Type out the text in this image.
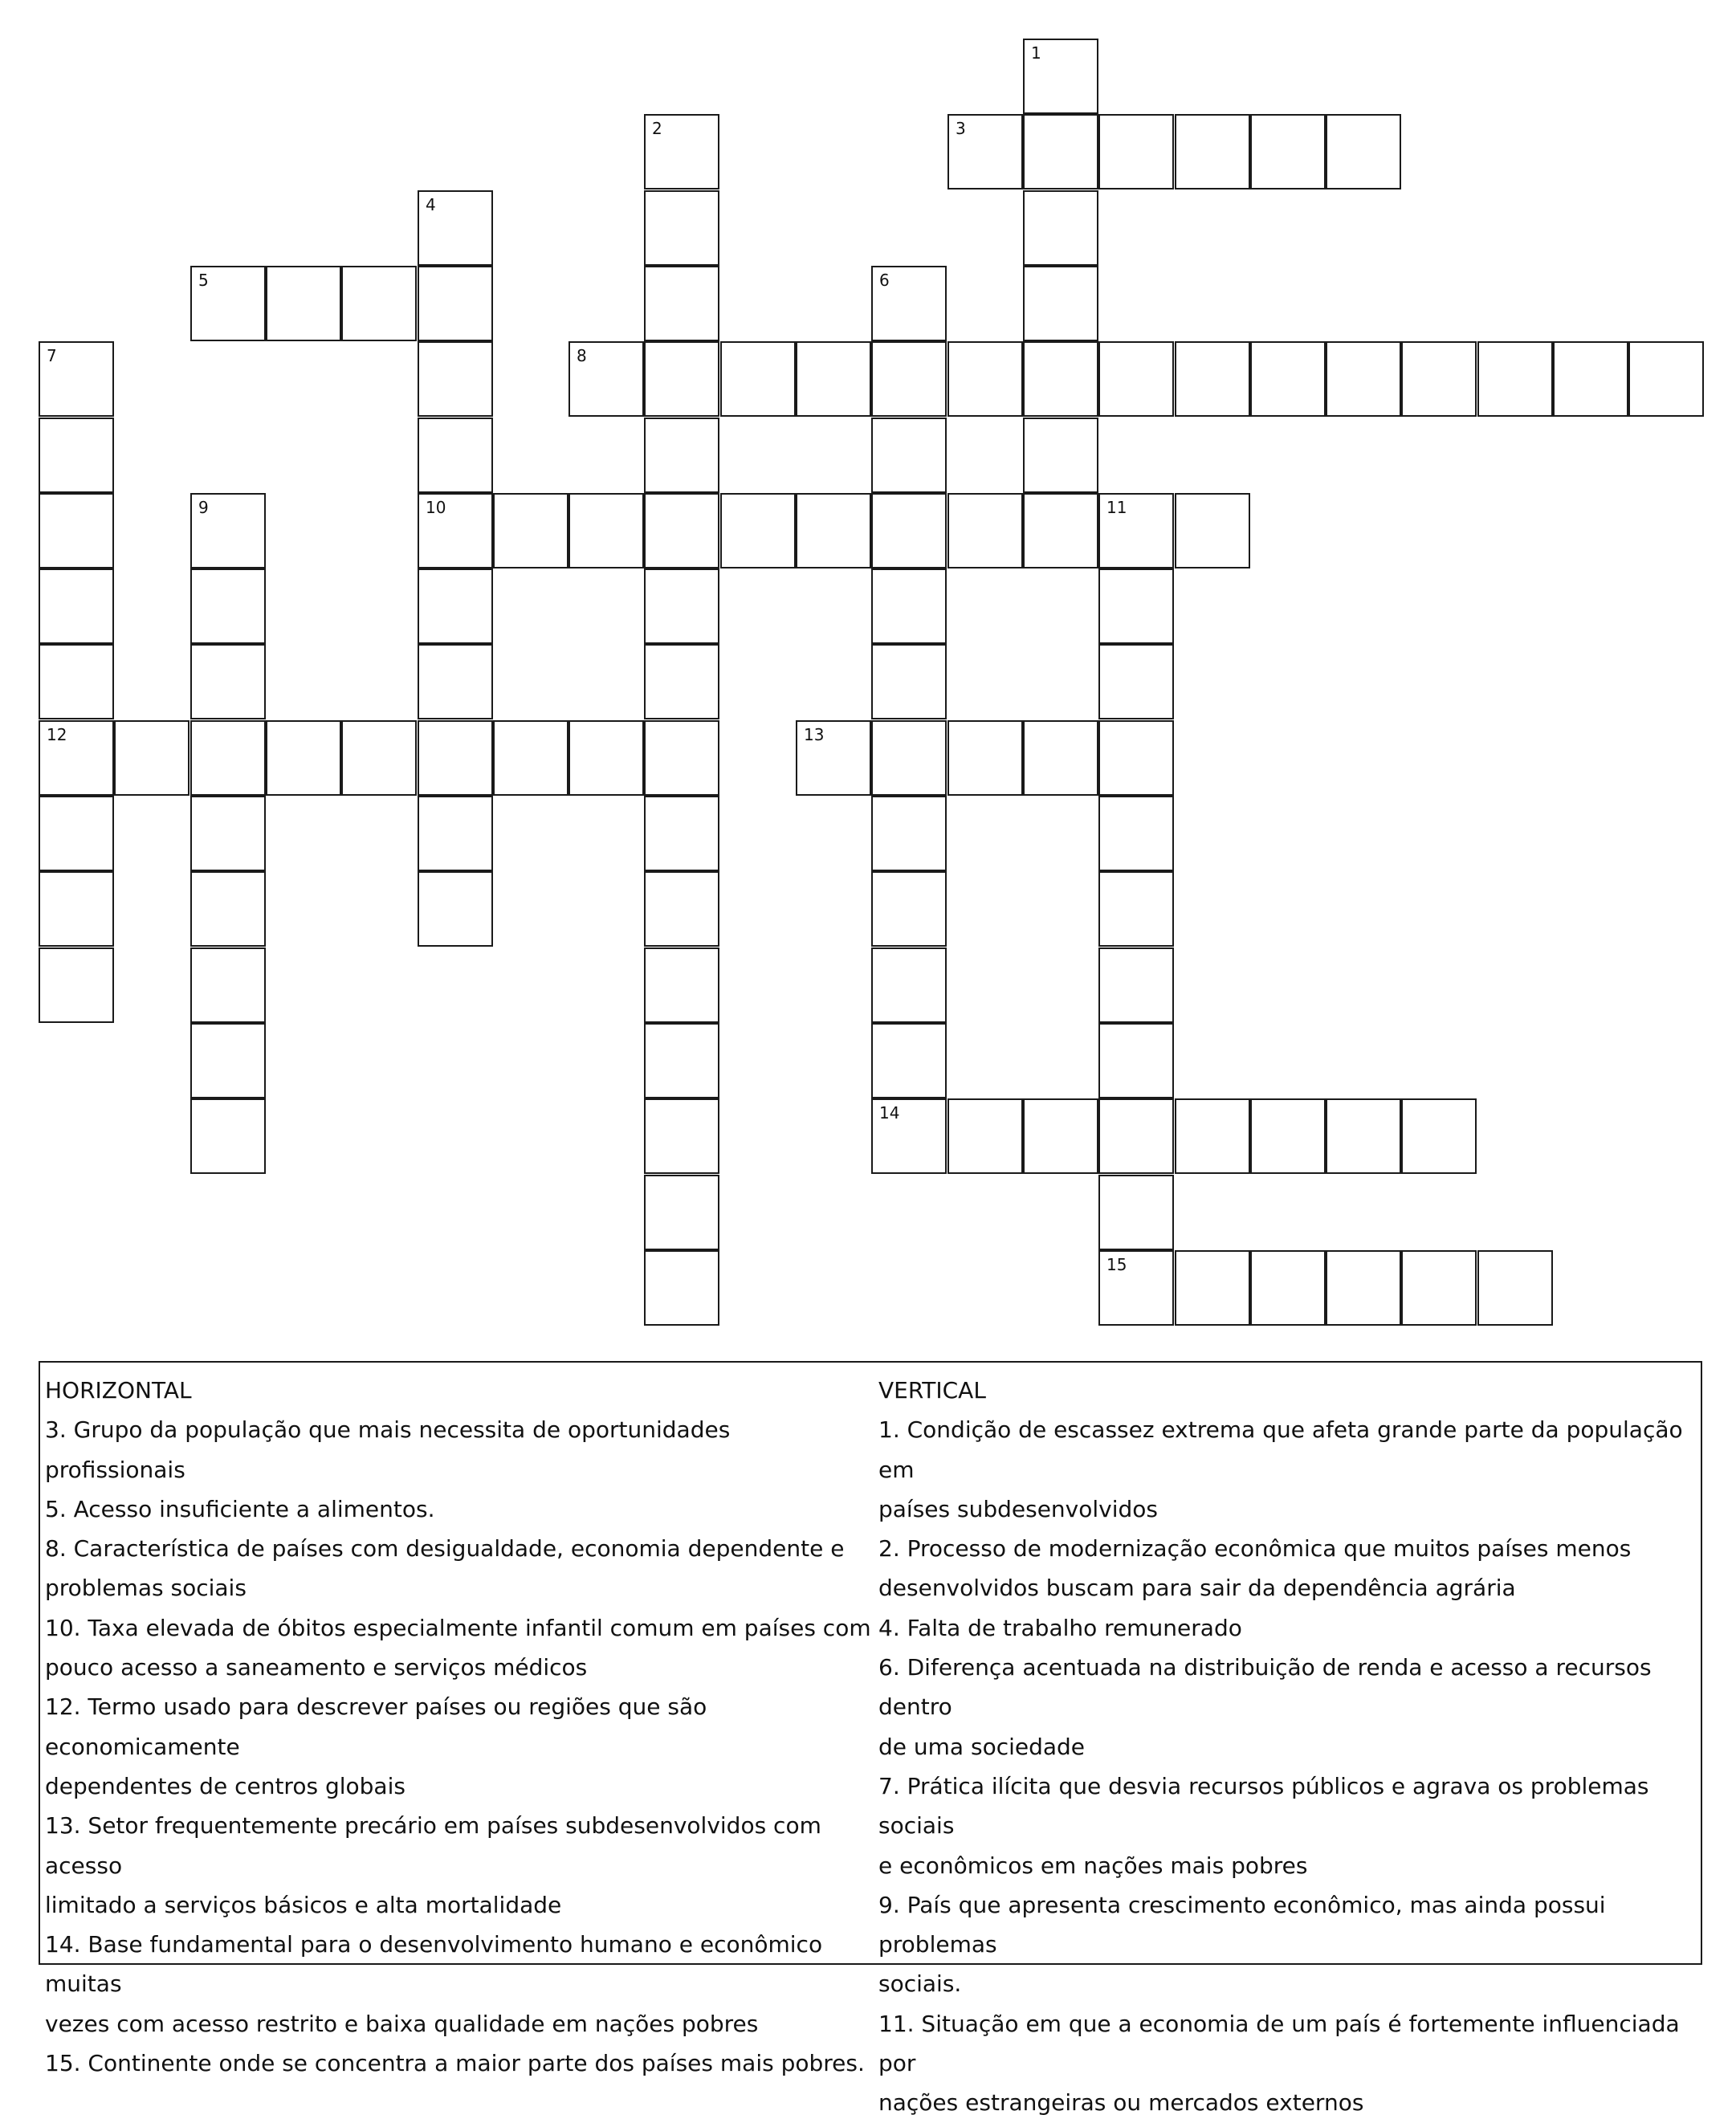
1
2	3
4
5	6
7	8
9	10	11
12	13
14
15
HORIZONTAL
3. Grupo da população que mais necessita de oportunidades profissionais
5. Acesso insuficiente a alimentos.
8. Característica de países com desigualdade, economia dependente e
problemas sociais
10. Taxa elevada de óbitos especialmente infantil comum em países com
pouco acesso a saneamento e serviços médicos
12. Termo usado para descrever países ou regiões que são economicamente
dependentes de centros globais
13. Setor frequentemente precário em países subdesenvolvidos com acesso
limitado a serviços básicos e alta mortalidade
14. Base fundamental para o desenvolvimento humano e econômico muitas
vezes com acesso restrito e baixa qualidade em nações pobres
15. Continente onde se concentra a maior parte dos países mais pobres.
VERTICAL
1. Condição de escassez extrema que afeta grande parte da população em
países subdesenvolvidos
2. Processo de modernização econômica que muitos países menos
desenvolvidos buscam para sair da dependência agrária
4. Falta de trabalho remunerado
6. Diferença acentuada na distribuição de renda e acesso a recursos dentro
de uma sociedade
7. Prática ilícita que desvia recursos públicos e agrava os problemas sociais
e econômicos em nações mais pobres
9. País que apresenta crescimento econômico, mas ainda possui problemas
sociais.
11. Situação em que a economia de um país é fortemente influenciada por
nações estrangeiras ou mercados externos
